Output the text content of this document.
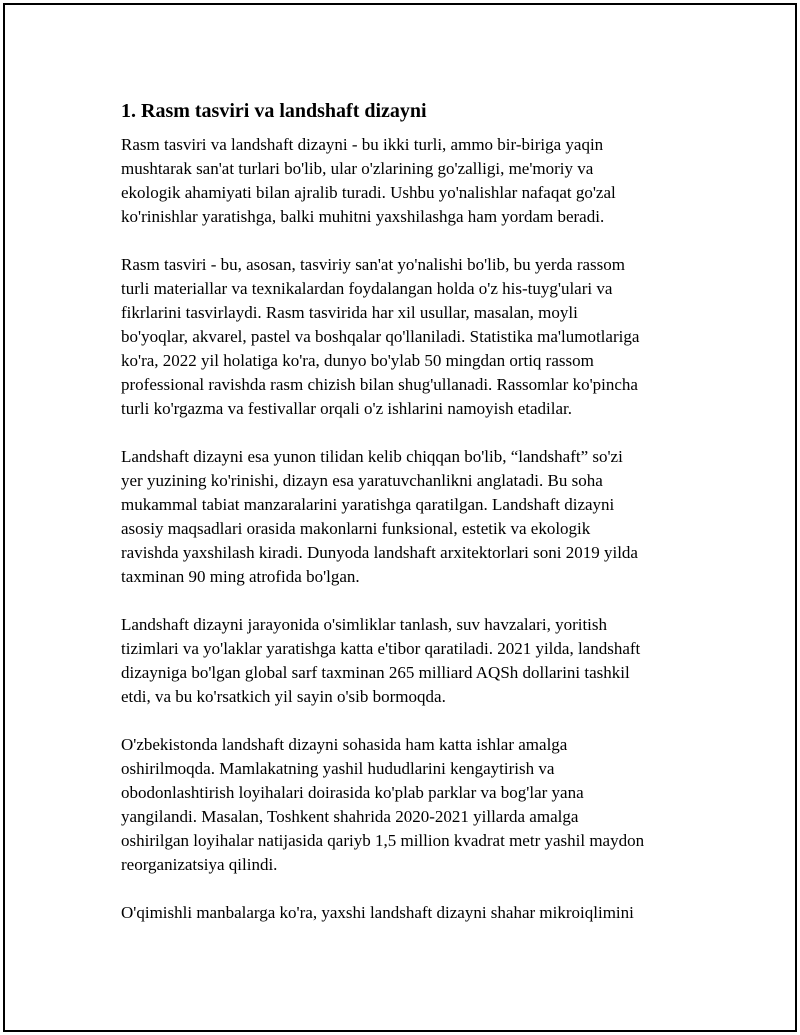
1. Rasm tasviri va landshaft dizayni
Rasm tasviri va landshaft dizayni - bu ikki turli, ammo bir-biriga yaqin
mushtarak san'at turlari bo'lib, ular o'zlarining go'zalligi, me'moriy va
ekologik ahamiyati bilan ajralib turadi. Ushbu yo'nalishlar nafaqat go'zal
ko'rinishlar yaratishga, balki muhitni yaxshilashga ham yordam beradi.
Rasm tasviri - bu, asosan, tasviriy san'at yo'nalishi bo'lib, bu yerda rassom
turli materiallar va texnikalardan foydalangan holda o'z his-tuyg'ulari va
fikrlarini tasvirlaydi. Rasm tasvirida har xil usullar, masalan, moyli
bo'yoqlar, akvarel, pastel va boshqalar qo'llaniladi. Statistika ma'lumotlariga
ko'ra, 2022 yil holatiga ko'ra, dunyo bo'ylab 50 mingdan ortiq rassom
professional ravishda rasm chizish bilan shug'ullanadi. Rassomlar ko'pincha
turli ko'rgazma va festivallar orqali o'z ishlarini namoyish etadilar.
Landshaft dizayni esa yunon tilidan kelib chiqqan bo'lib, “landshaft” so'zi
yer yuzining ko'rinishi, dizayn esa yaratuvchanlikni anglatadi. Bu soha
mukammal tabiat manzaralarini yaratishga qaratilgan. Landshaft dizayni
asosiy maqsadlari orasida makonlarni funksional, estetik va ekologik
ravishda yaxshilash kiradi. Dunyoda landshaft arxitektorlari soni 2019 yilda
taxminan 90 ming atrofida bo'lgan.
Landshaft dizayni jarayonida o'simliklar tanlash, suv havzalari, yoritish
tizimlari va yo'laklar yaratishga katta e'tibor qaratiladi. 2021 yilda, landshaft
dizayniga bo'lgan global sarf taxminan 265 milliard AQSh dollarini tashkil
etdi, va bu ko'rsatkich yil sayin o'sib bormoqda.
O'zbekistonda landshaft dizayni sohasida ham katta ishlar amalga
oshirilmoqda. Mamlakatning yashil hududlarini kengaytirish va
obodonlashtirish loyihalari doirasida ko'plab parklar va bog'lar yana
yangilandi. Masalan, Toshkent shahrida 2020-2021 yillarda amalga
oshirilgan loyihalar natijasida qariyb 1,5 million kvadrat metr yashil maydon
reorganizatsiya qilindi.
O'qimishli manbalarga ko'ra, yaxshi landshaft dizayni shahar mikroiqlimini
